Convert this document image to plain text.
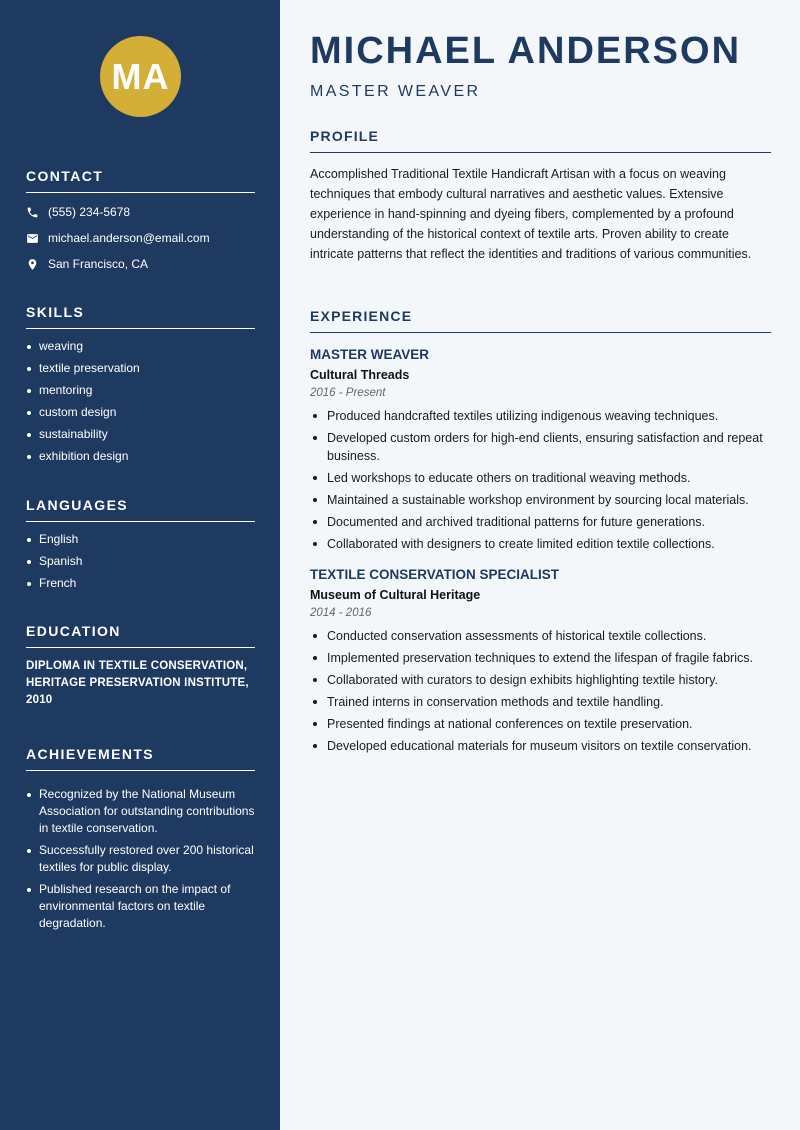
MA
CONTACT
(555) 234-5678
michael.anderson@email.com
San Francisco, CA
SKILLS
weaving
textile preservation
mentoring
custom design
sustainability
exhibition design
LANGUAGES
English
Spanish
French
EDUCATION
DIPLOMA IN TEXTILE CONSERVATION, HERITAGE PRESERVATION INSTITUTE, 2010
ACHIEVEMENTS
Recognized by the National Museum Association for outstanding contributions in textile conservation.
Successfully restored over 200 historical textiles for public display.
Published research on the impact of environmental factors on textile degradation.
MICHAEL ANDERSON
MASTER WEAVER
PROFILE

Accomplished Traditional Textile Handicraft Artisan with a focus on weaving techniques that embody cultural narratives and aesthetic values. Extensive experience in hand-spinning and dyeing fibers, complemented by a profound understanding of the historical context of textile arts. Proven ability to create intricate patterns that reflect the identities and traditions of various communities.

EXPERIENCE
MASTER WEAVER
Cultural Threads
2016 - Present
Produced handcrafted textiles utilizing indigenous weaving techniques.
Developed custom orders for high-end clients, ensuring satisfaction and repeat business.
Led workshops to educate others on traditional weaving methods.
Maintained a sustainable workshop environment by sourcing local materials.
Documented and archived traditional patterns for future generations.
Collaborated with designers to create limited edition textile collections.
TEXTILE CONSERVATION SPECIALIST
Museum of Cultural Heritage
2014 - 2016
Conducted conservation assessments of historical textile collections.
Implemented preservation techniques to extend the lifespan of fragile fabrics.
Collaborated with curators to design exhibits highlighting textile history.
Trained interns in conservation methods and textile handling.
Presented findings at national conferences on textile preservation.
Developed educational materials for museum visitors on textile conservation.
